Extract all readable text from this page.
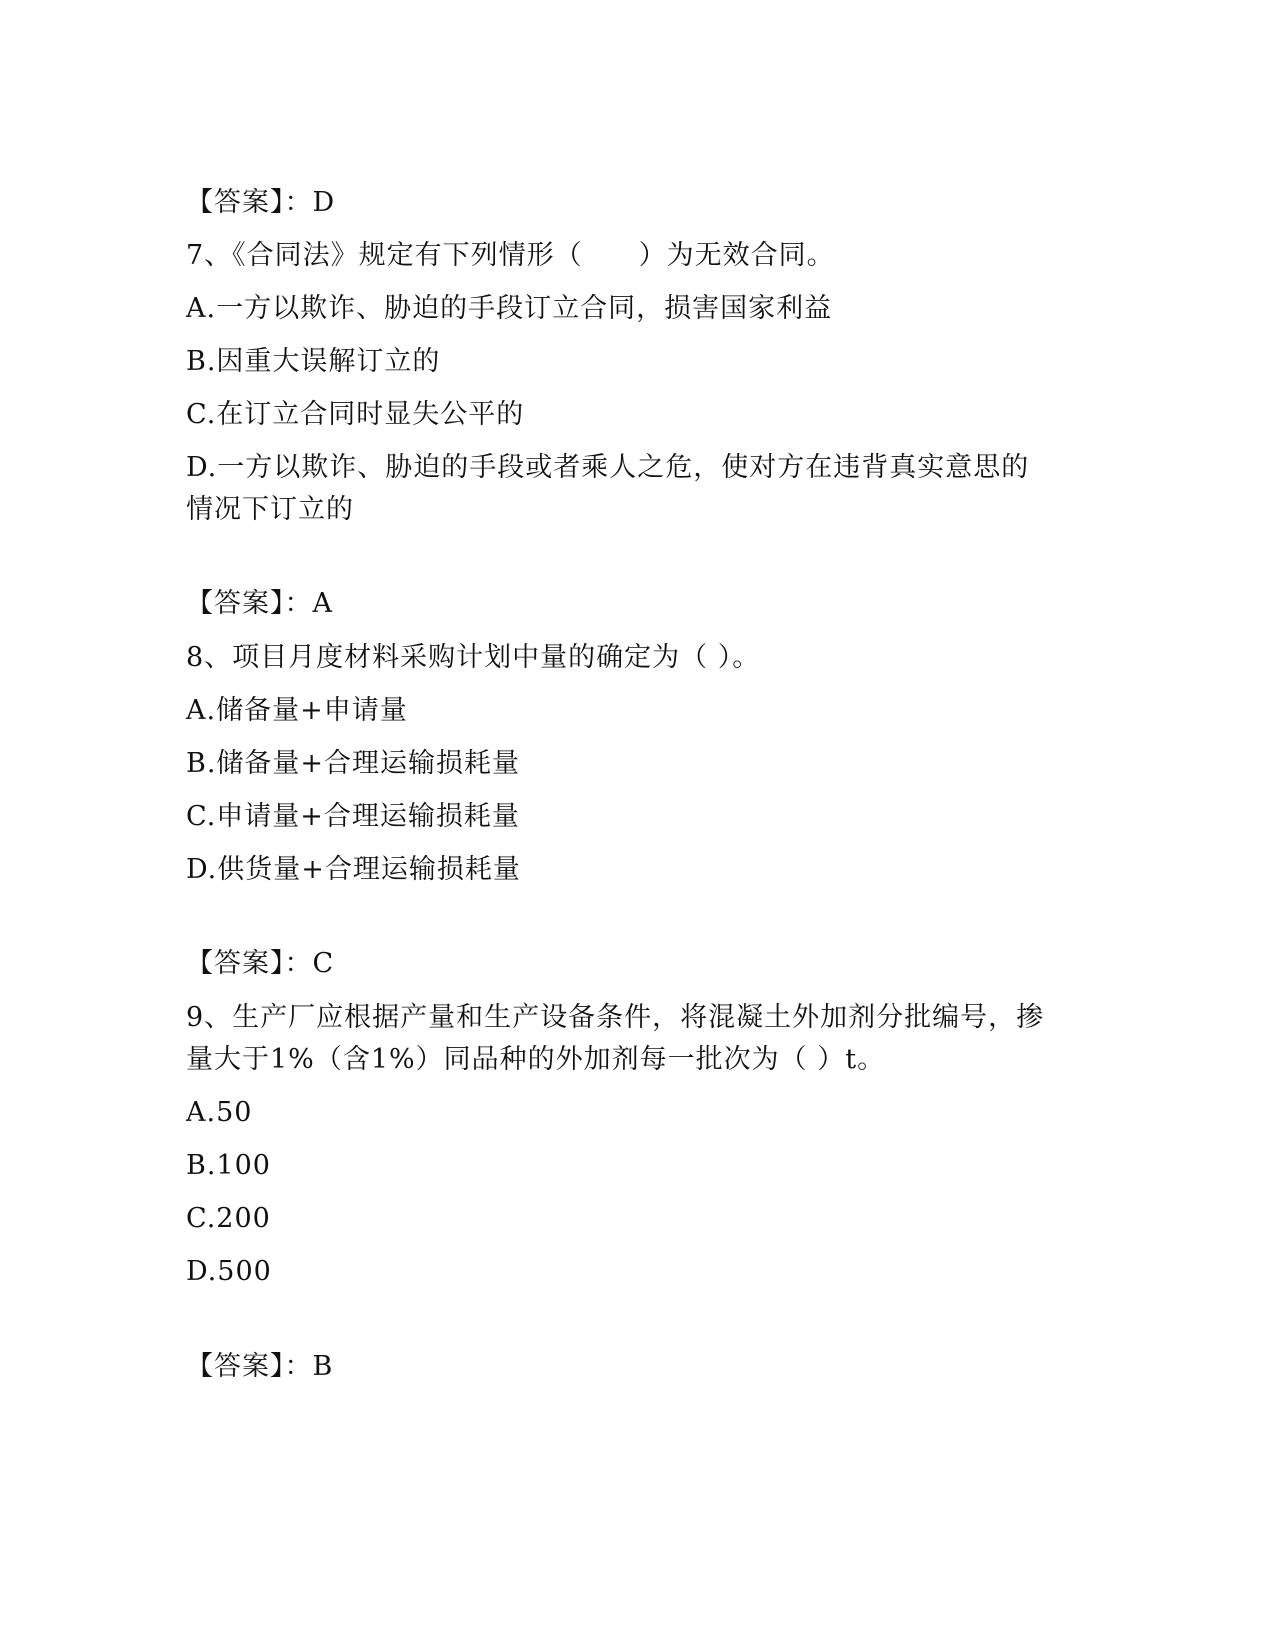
【答案】：D
7、《合同法》规定有下列情形（　　）为无效合同。
A.一方以欺诈、胁迫的手段订立合同，损害国家利益
B.因重大误解订立的
C.在订立合同时显失公平的
D.一方以欺诈、胁迫的手段或者乘人之危，使对方在违背真实意思的
情况下订立的
【答案】：A
8、项目月度材料采购计划中量的确定为（ ）。
A.储备量+申请量
B.储备量+合理运输损耗量
C.申请量+合理运输损耗量
D.供货量+合理运输损耗量
【答案】：C
9、生产厂应根据产量和生产设备条件，将混凝土外加剂分批编号，掺
量大于1%（含1%）同品种的外加剂每一批次为（ ）t。
A.50
B.100
C.200
D.500
【答案】：B
